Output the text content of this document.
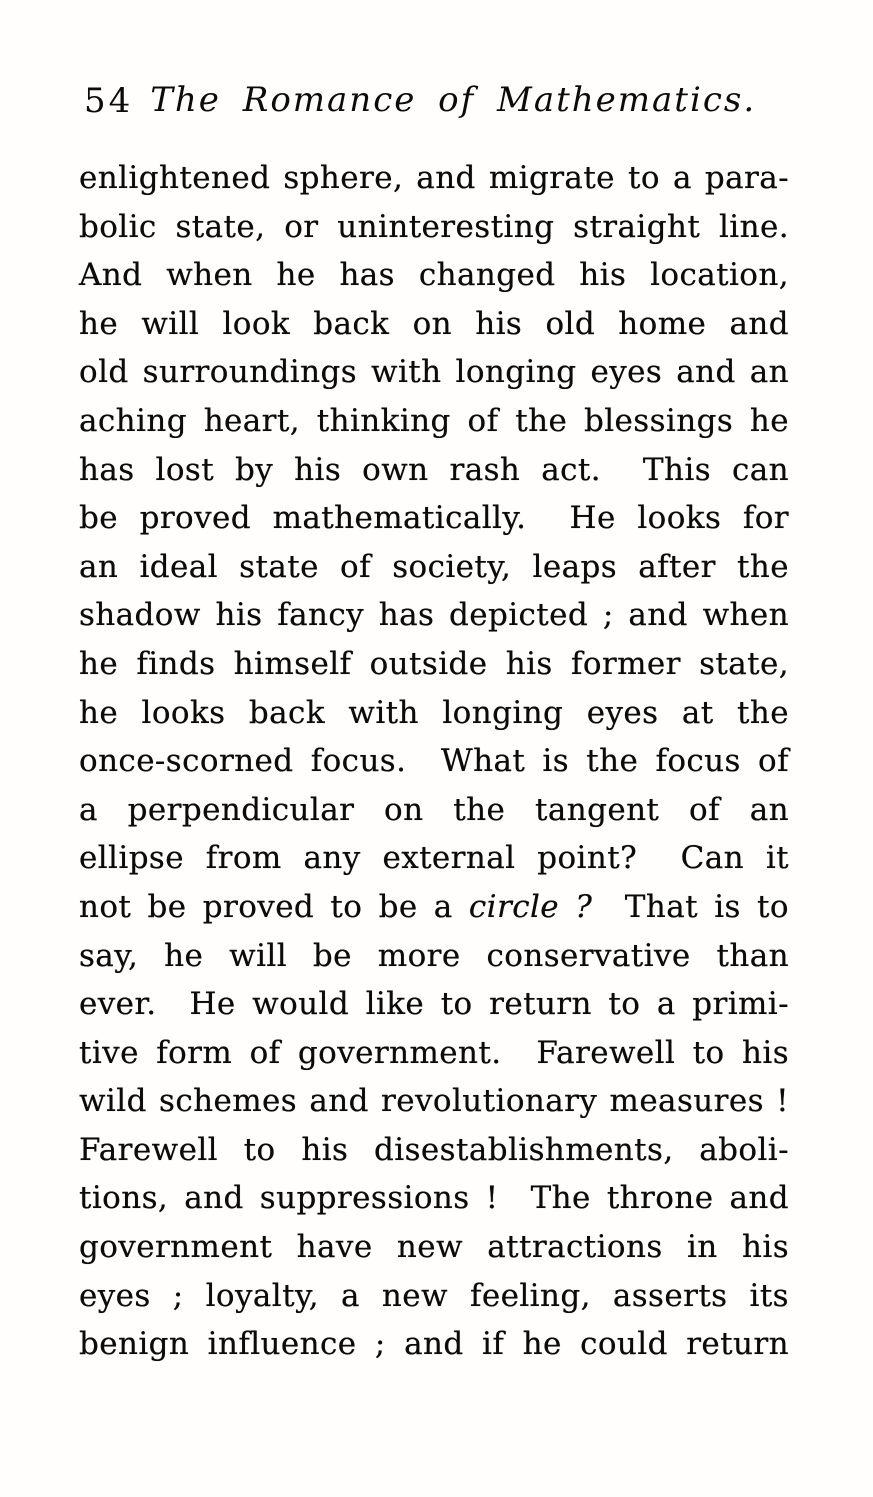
54 The Romance of Mathematics.
enlightened sphere, and migrate to a para-
bolic state, or uninteresting straight line.
And when he has changed his location,
he will look back on his old home and
old surroundings with longing eyes and an
aching heart, thinking of the blessings he
has lost by his own rash act.  This can
be proved mathematically.  He looks for
an ideal state of society, leaps after the
shadow his fancy has depicted ; and when
he finds himself outside his former state,
he looks back with longing eyes at the
once-scorned focus.  What is the focus of
a perpendicular on the tangent of an
ellipse from any external point?  Can it
not be proved to be a circle ?  That is to
say, he will be more conservative than
ever.  He would like to return to a primi-
tive form of government.  Farewell to his
wild schemes and revolutionary measures !
Farewell to his disestablishments, aboli-
tions, and suppressions !  The throne and
government have new attractions in his
eyes ; loyalty, a new feeling, asserts its
benign influence ; and if he could return
